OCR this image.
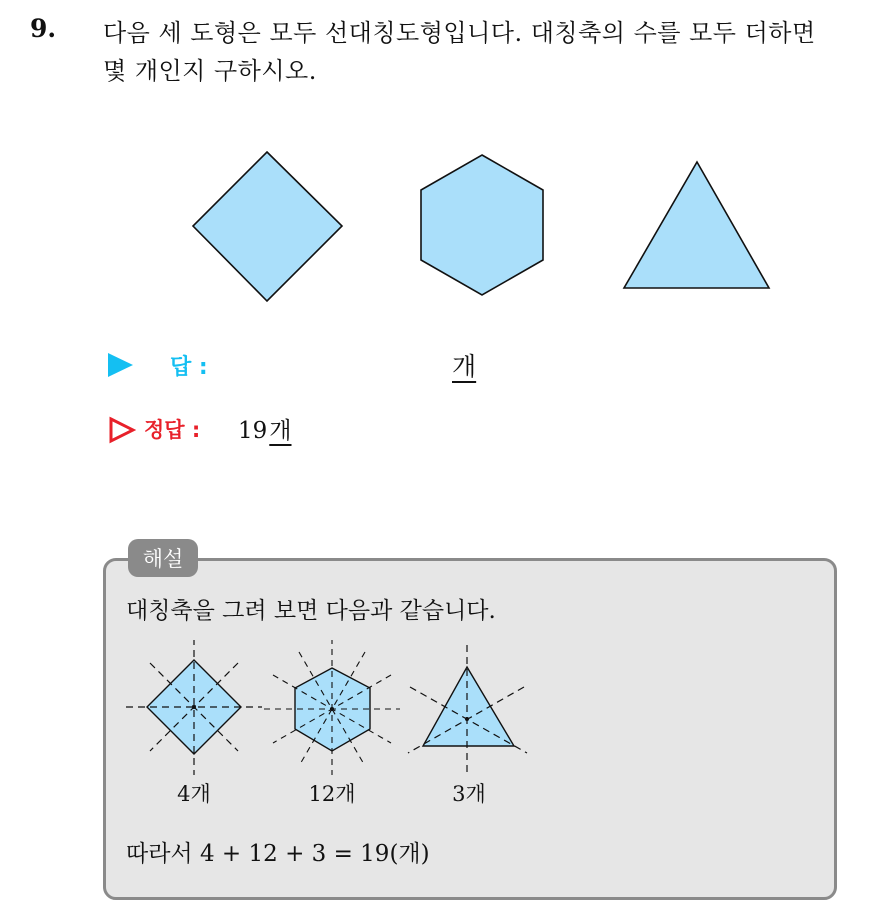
9. 다음 세 도형은 모두 선대칭도형입니다. 대칭축의 수를 모두 더하면
몇 개인지 구하시오.
답 :	개
정답 : 19개
해설
대칭축을 그려 보면 다음과 같습니다.
4개	12개	3개
따라서 4 + 12 + 3 = 19(개)
